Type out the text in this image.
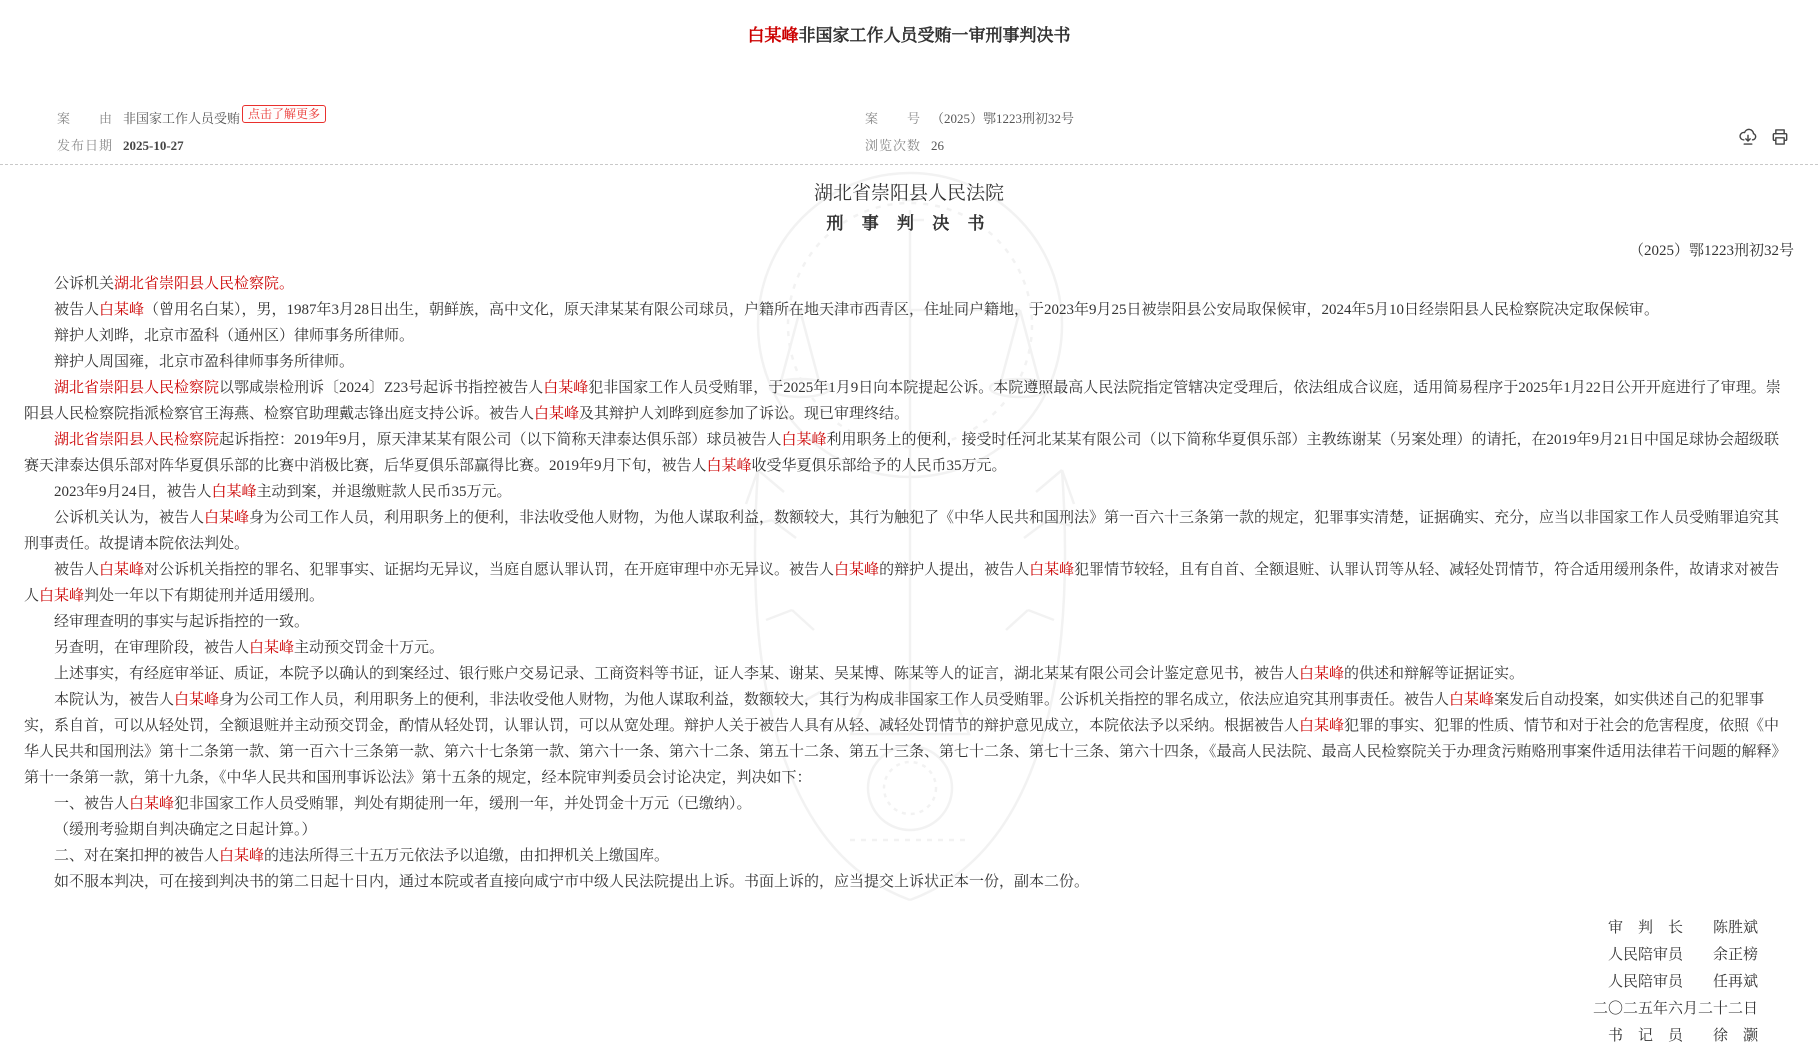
白某峰非国家工作人员受贿一审刑事判决书
案　　由 非国家工作人员受贿 点击了解更多	案　　号 （2025）鄂1223刑初32号
发布日期 2025-10-27	浏览次数 26
湖北省崇阳县人民法院
刑 事 判 决 书
（2025）鄂1223刑初32号

公诉机关湖北省崇阳县人民检察院。

被告人白某峰（曾用名白某），男，1987年3月28日出生，朝鲜族，高中文化，原天津某某有限公司球员，户籍所在地天津市西青区，住址同户籍地，于2023年9月25日被崇阳县公安局取保候审，2024年5月10日经崇阳县人民检察院决定取保候审。

辩护人刘晔，北京市盈科（通州区）律师事务所律师。

辩护人周国雍，北京市盈科律师事务所律师。

湖北省崇阳县人民检察院以鄂咸崇检刑诉〔2024〕Z23号起诉书指控被告人白某峰犯非国家工作人员受贿罪，于2025年1月9日向本院提起公诉。本院遵照最高人民法院指定管辖决定受理后，依法组成合议庭，适用简易程序于2025年1月22日公开开庭进行了审理。崇阳县人民检察院指派检察官王海燕、检察官助理戴志锋出庭支持公诉。被告人白某峰及其辩护人刘晔到庭参加了诉讼。现已审理终结。

湖北省崇阳县人民检察院起诉指控：2019年9月，原天津某某有限公司（以下简称天津泰达俱乐部）球员被告人白某峰利用职务上的便利，接受时任河北某某有限公司（以下简称华夏俱乐部）主教练谢某（另案处理）的请托，在2019年9月21日中国足球协会超级联赛天津泰达俱乐部对阵华夏俱乐部的比赛中消极比赛，后华夏俱乐部赢得比赛。2019年9月下旬，被告人白某峰收受华夏俱乐部给予的人民币35万元。

2023年9月24日，被告人白某峰主动到案，并退缴赃款人民币35万元。

公诉机关认为，被告人白某峰身为公司工作人员，利用职务上的便利，非法收受他人财物，为他人谋取利益，数额较大，其行为触犯了《中华人民共和国刑法》第一百六十三条第一款的规定，犯罪事实清楚，证据确实、充分，应当以非国家工作人员受贿罪追究其刑事责任。故提请本院依法判处。

被告人白某峰对公诉机关指控的罪名、犯罪事实、证据均无异议，当庭自愿认罪认罚，在开庭审理中亦无异议。被告人白某峰的辩护人提出，被告人白某峰犯罪情节较轻，且有自首、全额退赃、认罪认罚等从轻、减轻处罚情节，符合适用缓刑条件，故请求对被告人白某峰判处一年以下有期徒刑并适用缓刑。

经审理查明的事实与起诉指控的一致。

另查明，在审理阶段，被告人白某峰主动预交罚金十万元。

上述事实，有经庭审举证、质证，本院予以确认的到案经过、银行账户交易记录、工商资料等书证，证人李某、谢某、吴某博、陈某等人的证言，湖北某某有限公司会计鉴定意见书，被告人白某峰的供述和辩解等证据证实。

本院认为，被告人白某峰身为公司工作人员，利用职务上的便利，非法收受他人财物，为他人谋取利益，数额较大，其行为构成非国家工作人员受贿罪。公诉机关指控的罪名成立，依法应追究其刑事责任。被告人白某峰案发后自动投案，如实供述自己的犯罪事实，系自首，可以从轻处罚，全额退赃并主动预交罚金，酌情从轻处罚，认罪认罚，可以从宽处理。辩护人关于被告人具有从轻、减轻处罚情节的辩护意见成立，本院依法予以采纳。根据被告人白某峰犯罪的事实、犯罪的性质、情节和对于社会的危害程度，依照《中华人民共和国刑法》第十二条第一款、第一百六十三条第一款、第六十七条第一款、第六十一条、第六十二条、第五十二条、第五十三条、第七十二条、第七十三条、第六十四条，《最高人民法院、最高人民检察院关于办理贪污贿赂刑事案件适用法律若干问题的解释》第十一条第一款，第十九条，《中华人民共和国刑事诉讼法》第十五条的规定，经本院审判委员会讨论决定，判决如下：

一、被告人白某峰犯非国家工作人员受贿罪，判处有期徒刑一年，缓刑一年，并处罚金十万元（已缴纳）。

（缓刑考验期自判决确定之日起计算。）

二、对在案扣押的被告人白某峰的违法所得三十五万元依法予以追缴，由扣押机关上缴国库。

如不服本判决，可在接到判决书的第二日起十日内，通过本院或者直接向咸宁市中级人民法院提出上诉。书面上诉的，应当提交上诉状正本一份，副本二份。

审　判　长　　陈胜斌
人民陪审员　　余正榜
人民陪审员　　任再斌
二〇二五年六月二十二日
书　记　员　　徐　灏
